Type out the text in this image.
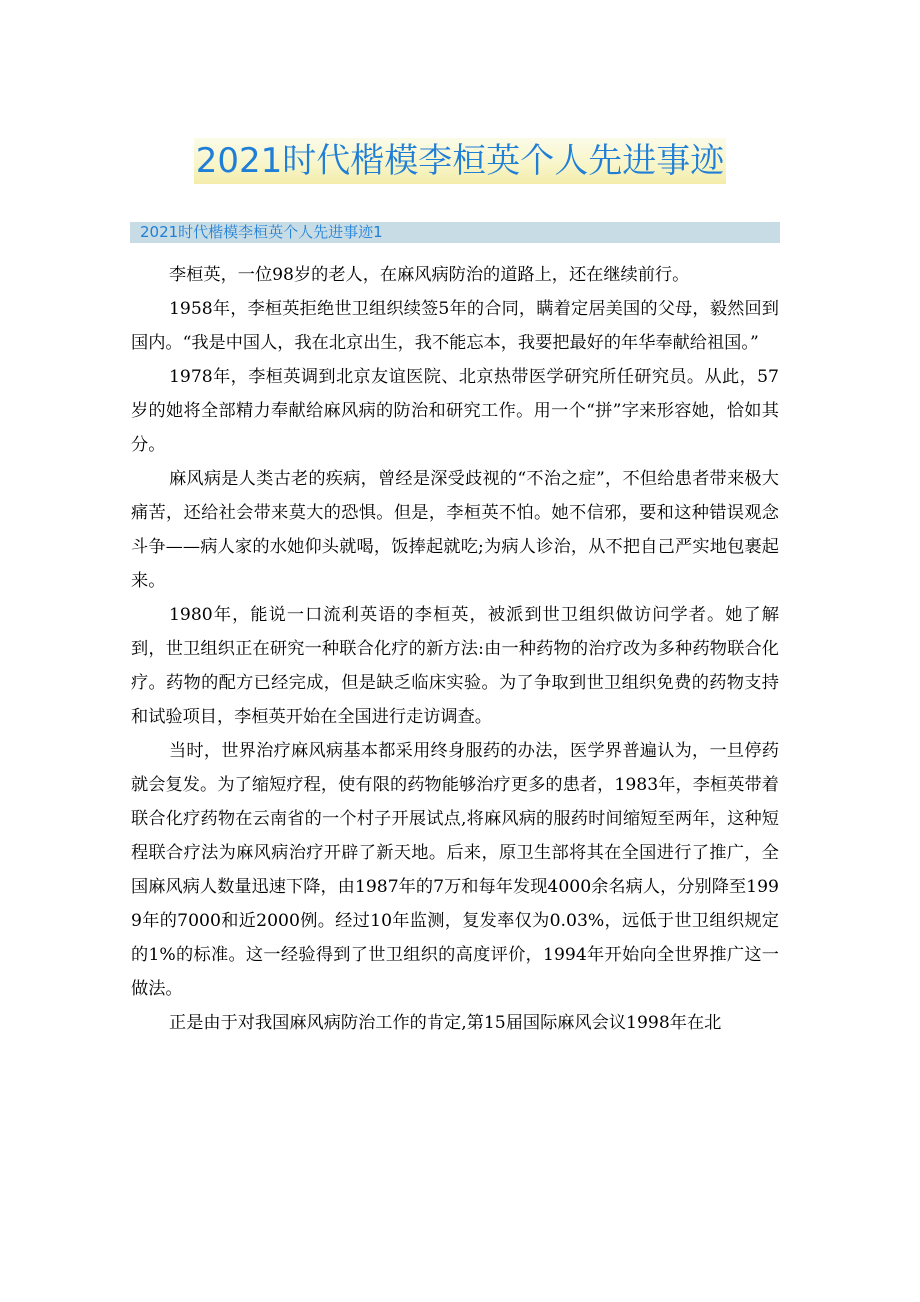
2021时代楷模李桓英个人先进事迹
2021时代楷模李桓英个人先进事迹1

李桓英，一位98岁的老人，在麻风病防治的道路上，还在继续前行。

1958年，李桓英拒绝世卫组织续签5年的合同，瞒着定居美国的父母，毅然回到国内。“我是中国人，我在北京出生，我不能忘本，我要把最好的年华奉献给祖国。”

1978年，李桓英调到北京友谊医院、北京热带医学研究所任研究员。从此，57岁的她将全部精力奉献给麻风病的防治和研究工作。用一个“拼”字来形容她，恰如其分。

麻风病是人类古老的疾病，曾经是深受歧视的“不治之症”，不但给患者带来极大痛苦，还给社会带来莫大的恐惧。但是，李桓英不怕。她不信邪，要和这种错误观念斗争——病人家的水她仰头就喝，饭捧起就吃;为病人诊治，从不把自己严实地包裹起来。

1980年，能说一口流利英语的李桓英，被派到世卫组织做访问学者。她了解到，世卫组织正在研究一种联合化疗的新方法:由一种药物的治疗改为多种药物联合化疗。药物的配方已经完成，但是缺乏临床实验。为了争取到世卫组织免费的药物支持和试验项目，李桓英开始在全国进行走访调查。

当时，世界治疗麻风病基本都采用终身服药的办法，医学界普遍认为，一旦停药就会复发。为了缩短疗程，使有限的药物能够治疗更多的患者，1983年，李桓英带着联合化疗药物在云南省的一个村子开展试点,将麻风病的服药时间缩短至两年，这种短程联合疗法为麻风病治疗开辟了新天地。后来，原卫生部将其在全国进行了推广，全国麻风病人数量迅速下降，由1987年的7万和每年发现4000余名病人，分别降至1999年的7000和近2000例。经过10年监测，复发率仅为0.03%，远低于世卫组织规定的1%的标准。这一经验得到了世卫组织的高度评价，1994年开始向全世界推广这一做法。

正是由于对我国麻风病防治工作的肯定,第15届国际麻风会议1998年在北
